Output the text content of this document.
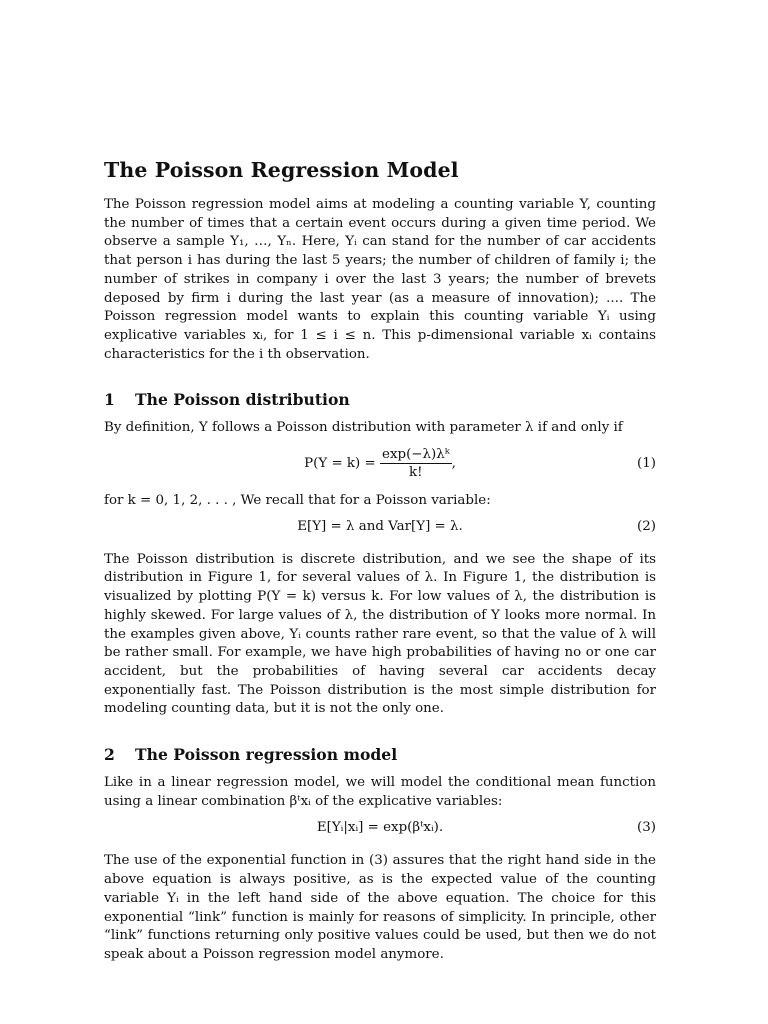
The Poisson Regression Model

The Poisson regression model aims at modeling a counting variable Y, counting the number of times that a certain event occurs during a given time period. We observe a sample Y₁, …, Yₙ. Here, Yᵢ can stand for the number of car accidents that person i has during the last 5 years; the number of children of family i; the number of strikes in company i over the last 3 years; the number of brevets deposed by firm i during the last year (as a measure of innovation); .... The Poisson regression model wants to explain this counting variable Yᵢ using explicative variables xᵢ, for 1 ≤ i ≤ n. This p-dimensional variable xᵢ contains characteristics for the i th observation.

1 The Poisson distribution

By definition, Y follows a Poisson distribution with parameter λ if and only if

$P(Y = k) = \frac{\text{exp(−λ)λᵏ}}{k!}$ ,	(1)

for k = 0, 1, 2, . . . , We recall that for a Poisson variable:

E[Y] = λ and Var[Y] = λ.	(2)

The Poisson distribution is discrete distribution, and we see the shape of its distribution in Figure 1, for several values of λ. In Figure 1, the distribution is visualized by plotting P(Y = k) versus k. For low values of λ, the distribution is highly skewed. For large values of λ, the distribution of Y looks more normal. In the examples given above, Yᵢ counts rather rare event, so that the value of λ will be rather small. For example, we have high probabilities of having no or one car accident, but the probabilities of having several car accidents decay exponentially fast. The Poisson distribution is the most simple distribution for modeling counting data, but it is not the only one.

2 The Poisson regression model

Like in a linear regression model, we will model the conditional mean function using a linear combination βᵗxᵢ of the explicative variables:

E[Yᵢ|xᵢ] = exp(βᵗxᵢ).	(3)

The use of the exponential function in (3) assures that the right hand side in the above equation is always positive, as is the expected value of the counting variable Yᵢ in the left hand side of the above equation. The choice for this exponential “link” function is mainly for reasons of simplicity. In principle, other “link” functions returning only positive values could be used, but then we do not speak about a Poisson regression model anymore.
